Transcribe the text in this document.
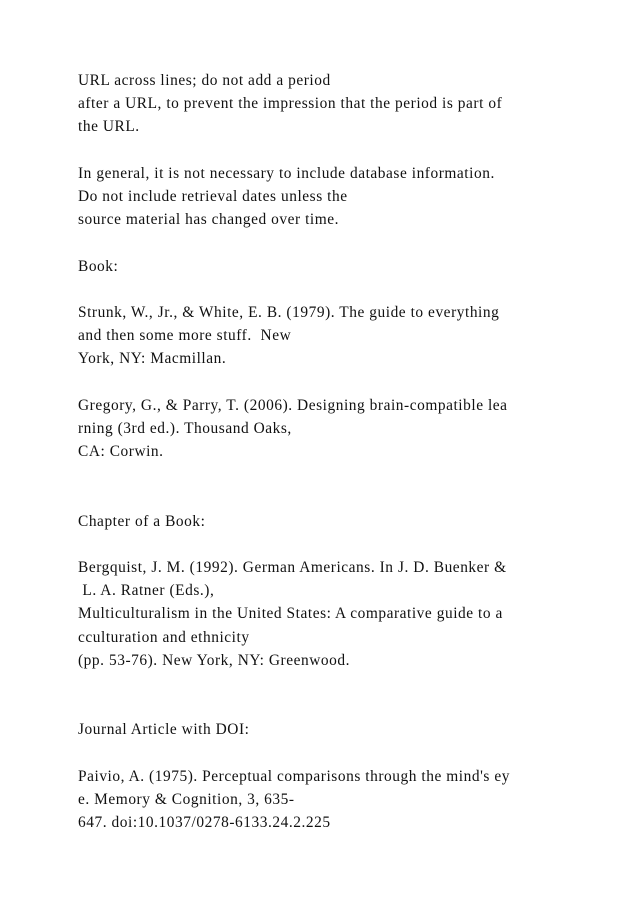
URL across lines; do not add a period
after a URL, to prevent the impression that the period is part of
the URL.
In general, it is not necessary to include database information.
Do not include retrieval dates unless the
source material has changed over time.
Book:
Strunk, W., Jr., & White, E. B. (1979). The guide to everything
and then some more stuff.  New
York, NY: Macmillan.
Gregory, G., & Parry, T. (2006). Designing brain-compatible lea
rning (3rd ed.). Thousand Oaks,
CA: Corwin.
Chapter of a Book:
Bergquist, J. M. (1992). German Americans. In J. D. Buenker &
L. A. Ratner (Eds.),
Multiculturalism in the United States: A comparative guide to a
cculturation and ethnicity
(pp. 53-76). New York, NY: Greenwood.
Journal Article with DOI:
Paivio, A. (1975). Perceptual comparisons through the mind's ey
e. Memory & Cognition, 3, 635-
647. doi:10.1037/0278-6133.24.2.225
